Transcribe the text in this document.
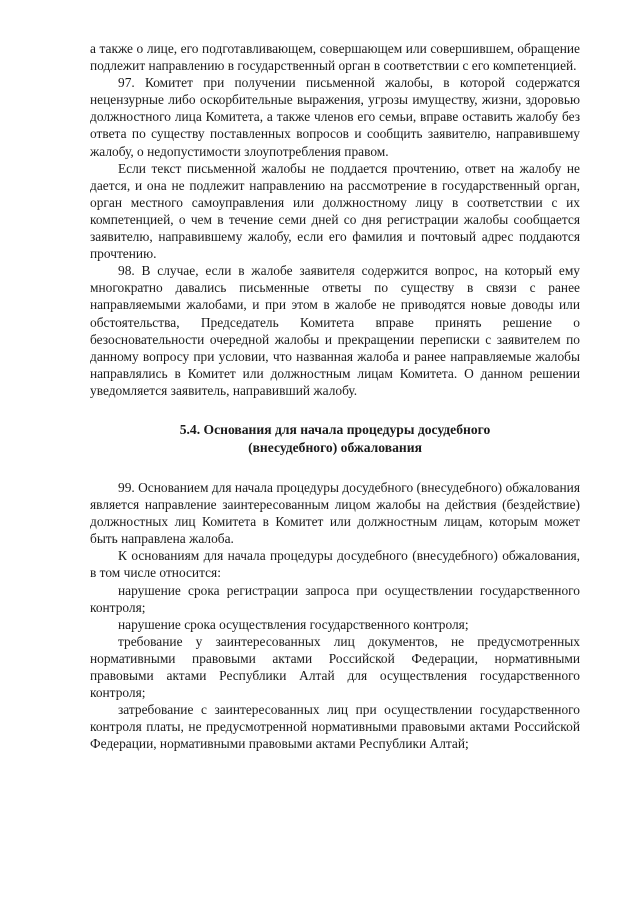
а также о лице, его подготавливающем, совершающем или совершившем, обращение подлежит направлению в государственный орган в соответствии с его компетенцией.

97. Комитет при получении письменной жалобы, в которой содержатся нецензурные либо оскорбительные выражения, угрозы имуществу, жизни, здоровью должностного лица Комитета, а также членов его семьи, вправе оставить жалобу без ответа по существу поставленных вопросов и сообщить заявителю, направившему жалобу, о недопустимости злоупотребления правом.

Если текст письменной жалобы не поддается прочтению, ответ на жалобу не дается, и она не подлежит направлению на рассмотрение в государственный орган, орган местного самоуправления или должностному лицу в соответствии с их компетенцией, о чем в течение семи дней со дня регистрации жалобы сообщается заявителю, направившему жалобу, если его фамилия и почтовый адрес поддаются прочтению.

98. В случае, если в жалобе заявителя содержится вопрос, на который ему многократно давались письменные ответы по существу в связи с ранее направляемыми жалобами, и при этом в жалобе не приводятся новые доводы или обстоятельства, Председатель Комитета вправе принять решение о безосновательности очередной жалобы и прекращении переписки с заявителем по данному вопросу при условии, что названная жалоба и ранее направляемые жалобы направлялись в Комитет или должностным лицам Комитета. О данном решении уведомляется заявитель, направивший жалобу.

5.4. Основания для начала процедуры досудебного
(внесудебного) обжалования

99. Основанием для начала процедуры досудебного (внесудебного) обжалования является направление заинтересованным лицом жалобы на действия (бездействие) должностных лиц Комитета в Комитет или должностным лицам, которым может быть направлена жалоба.

К основаниям для начала процедуры досудебного (внесудебного) обжалования, в том числе относится:

нарушение срока регистрации запроса при осуществлении государственного контроля;

нарушение срока осуществления государственного контроля;

требование у заинтересованных лиц документов, не предусмотренных нормативными правовыми актами Российской Федерации, нормативными правовыми актами Республики Алтай для осуществления государственного контроля;

затребование с заинтересованных лиц при осуществлении государственного контроля платы, не предусмотренной нормативными правовыми актами Российской Федерации, нормативными правовыми актами Республики Алтай;
